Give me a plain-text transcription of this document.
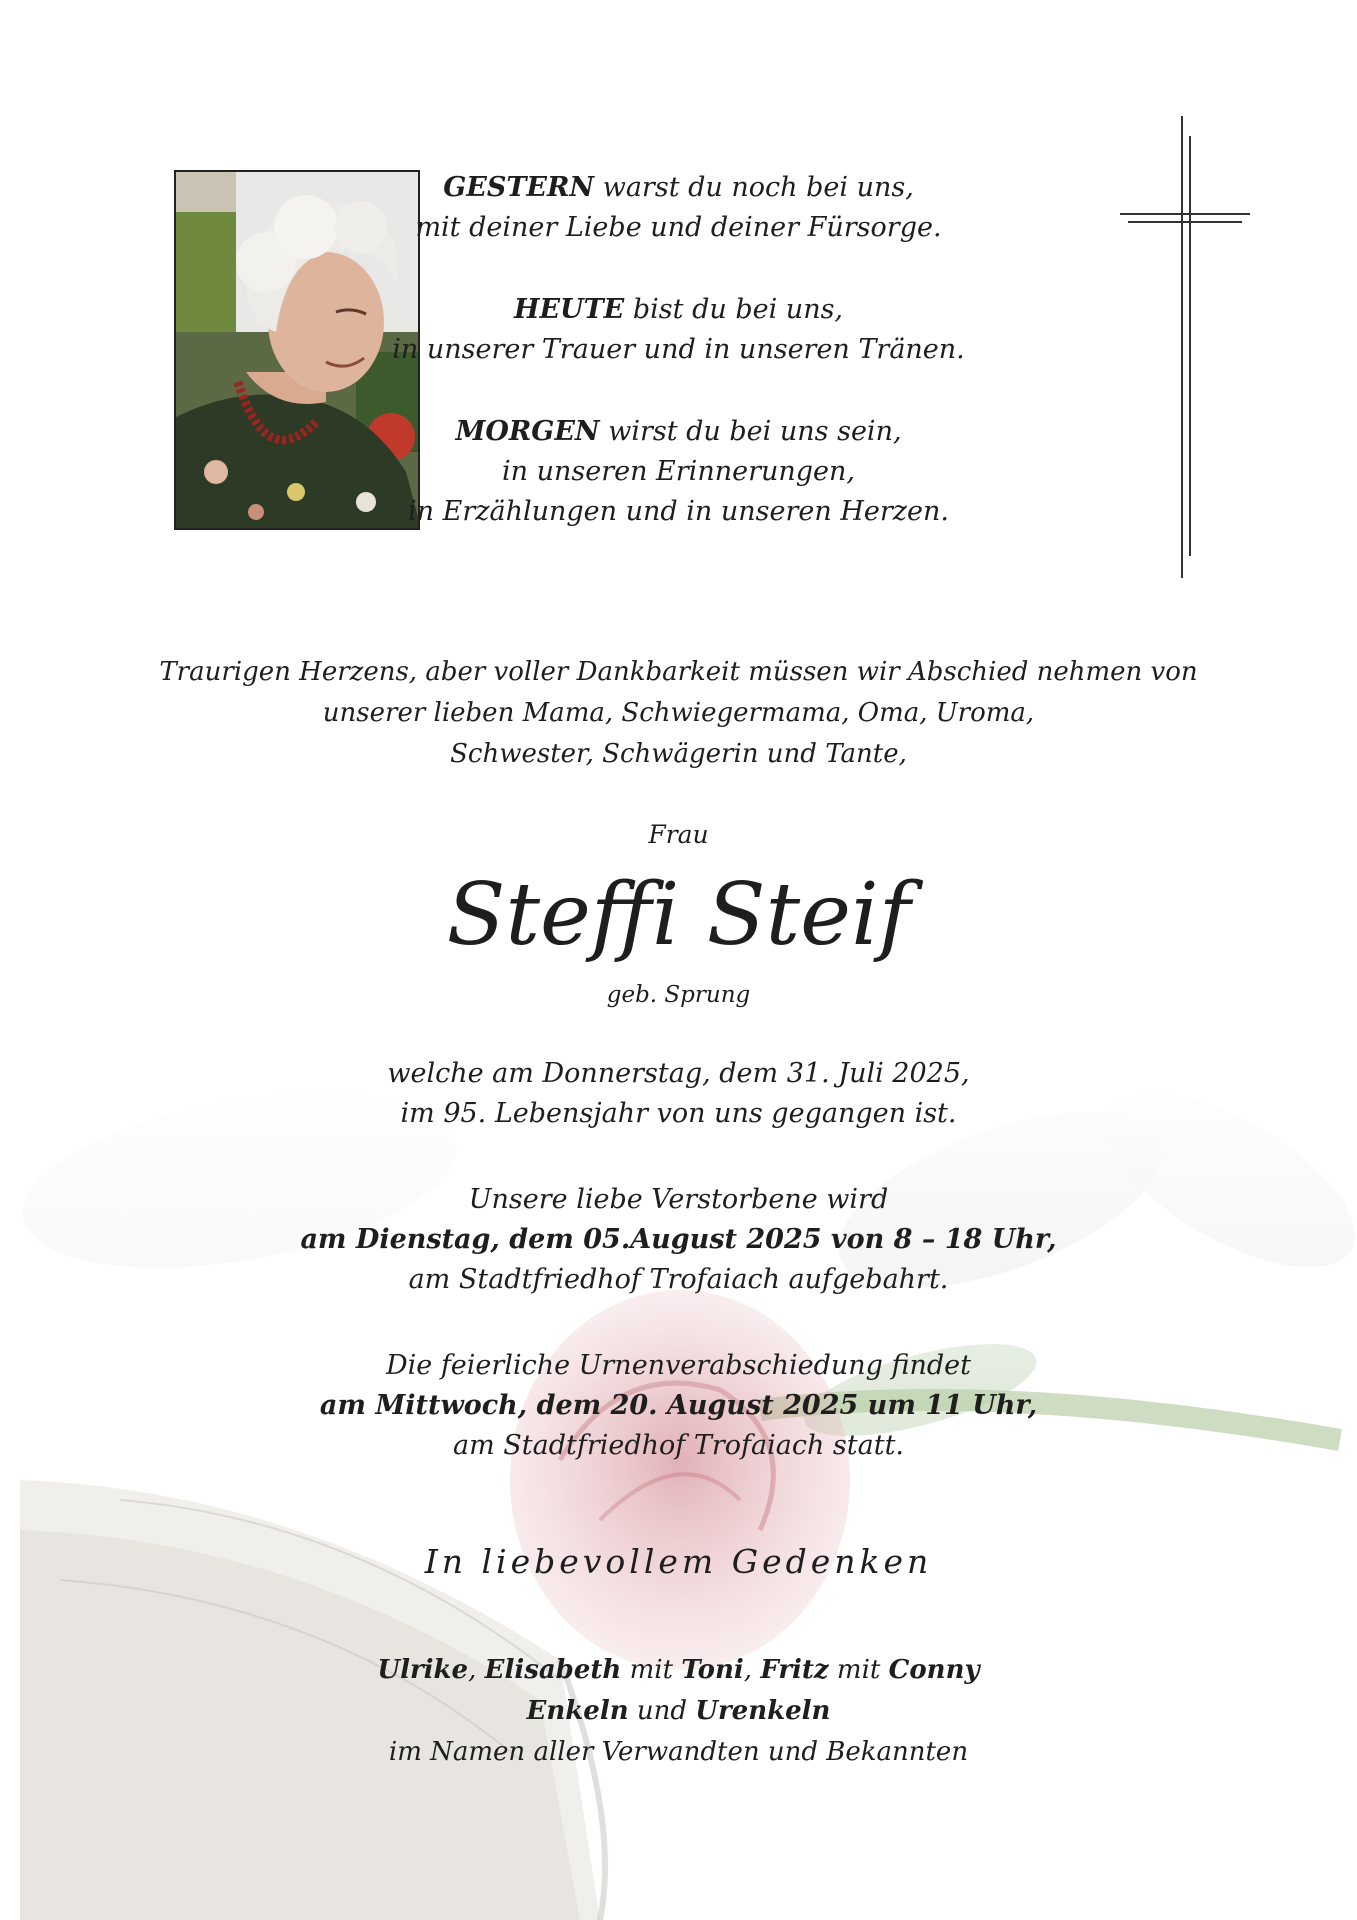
GESTERN warst du noch bei uns,
mit deiner Liebe und deiner Fürsorge.

HEUTE bist du bei uns,
in unserer Trauer und in unseren Tränen.

MORGEN wirst du bei uns sein,
in unseren Erinnerungen,
in Erzählungen und in unseren Herzen.

Traurigen Herzens, aber voller Dankbarkeit müssen wir Abschied nehmen von

unserer lieben Mama, Schwiegermama, Oma, Uroma,

Schwester, Schwägerin und Tante,

Frau
Steffi Steif
geb. Sprung

welche am Donnerstag, dem 31. Juli 2025,

im 95. Lebensjahr von uns gegangen ist.

Unsere liebe Verstorbene wird

am Dienstag, dem 05.August 2025 von 8 – 18 Uhr,

am Stadtfriedhof Trofaiach aufgebahrt.

Die feierliche Urnenverabschiedung findet

am Mittwoch, dem 20. August 2025 um 11 Uhr,

am Stadtfriedhof Trofaiach statt.

In liebevollem Gedenken

Ulrike, Elisabeth mit Toni, Fritz mit Conny

Enkeln und Urenkeln

im Namen aller Verwandten und Bekannten
